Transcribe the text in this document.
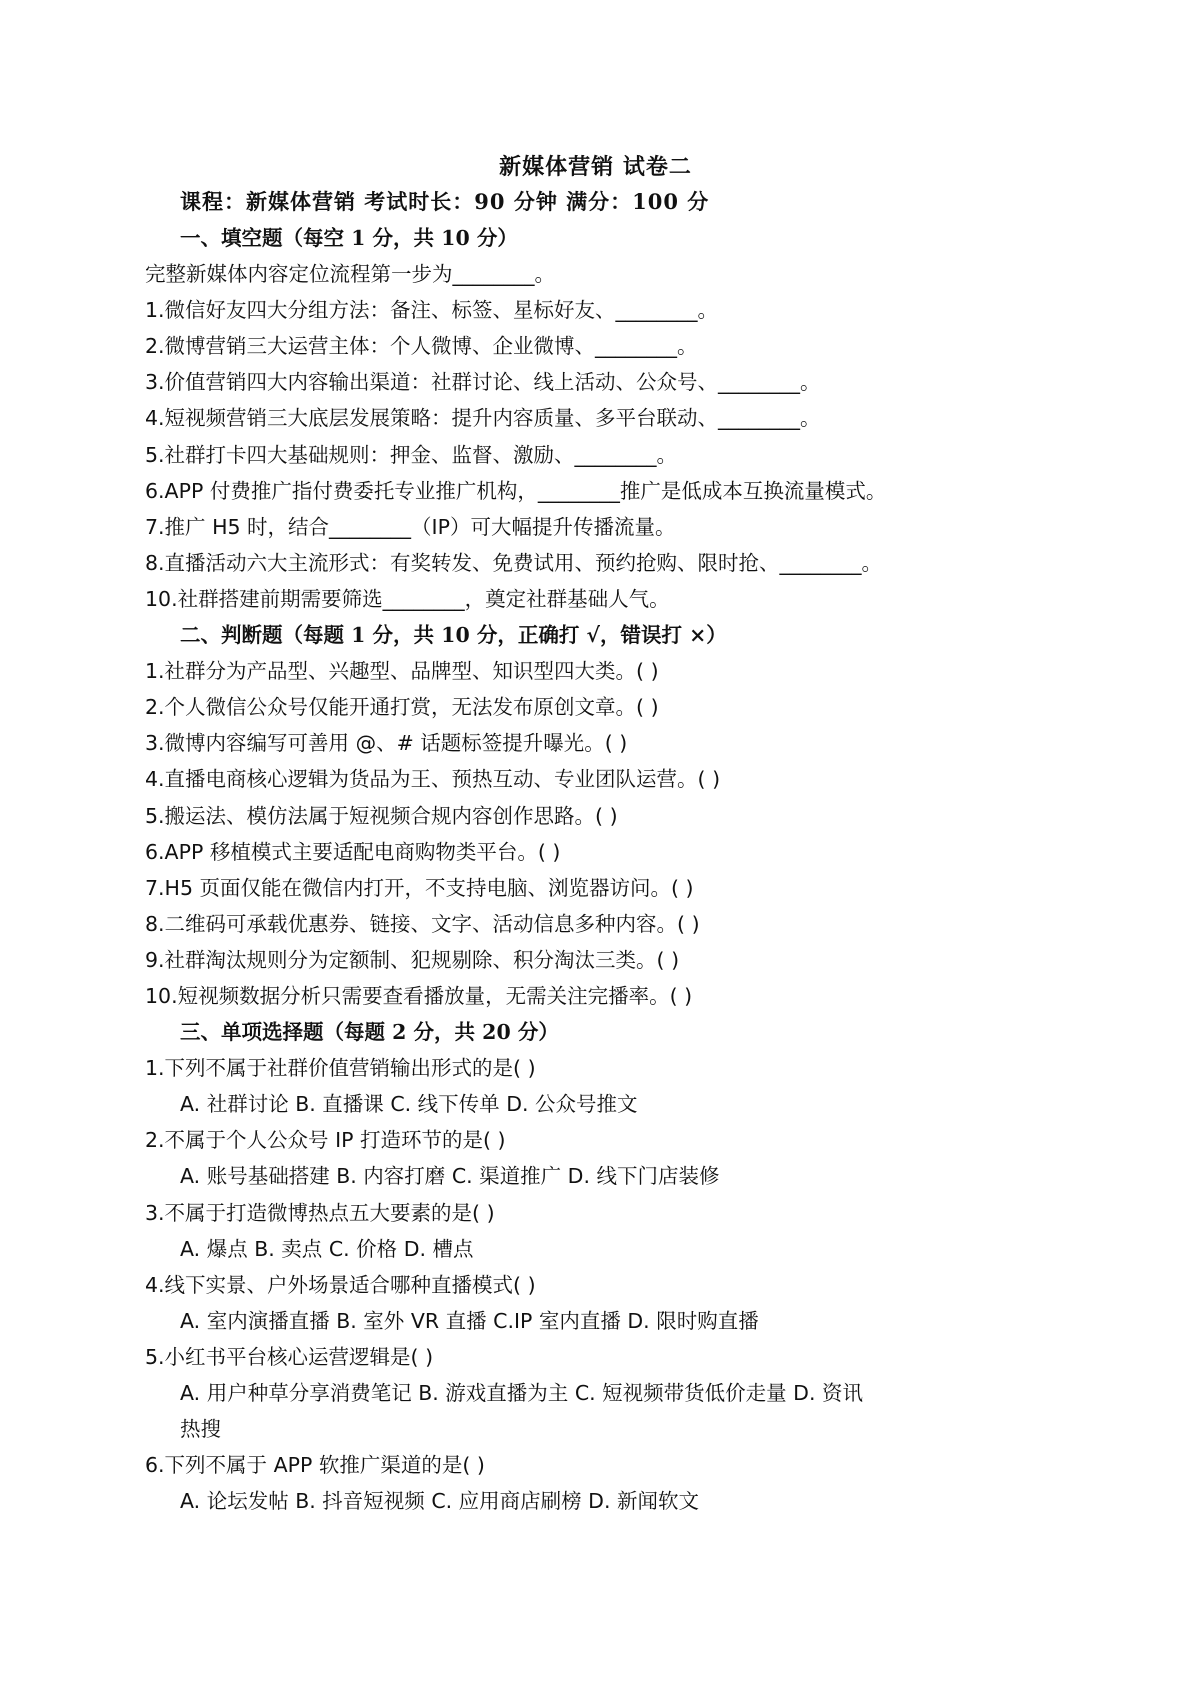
新媒体营销 试卷二
课程：新媒体营销 考试时长：90 分钟 满分：100 分
一、填空题（每空 1 分，共 10 分）
完整新媒体内容定位流程第一步为________。
1.微信好友四大分组方法：备注、标签、星标好友、________。
2.微博营销三大运营主体：个人微博、企业微博、________。
3.价值营销四大内容输出渠道：社群讨论、线上活动、公众号、________。
4.短视频营销三大底层发展策略：提升内容质量、多平台联动、________。
5.社群打卡四大基础规则：押金、监督、激励、________。
6.APP 付费推广指付费委托专业推广机构，________推广是低成本互换流量模式。
7.推广 H5 时，结合________（IP）可大幅提升传播流量。
8.直播活动六大主流形式：有奖转发、免费试用、预约抢购、限时抢、________。
10.社群搭建前期需要筛选________，奠定社群基础人气。
二、判断题（每题 1 分，共 10 分，正确打 √，错误打 ×）
1.社群分为产品型、兴趣型、品牌型、知识型四大类。( )
2.个人微信公众号仅能开通打赏，无法发布原创文章。( )
3.微博内容编写可善用 @、# 话题标签提升曝光。( )
4.直播电商核心逻辑为货品为王、预热互动、专业团队运营。( )
5.搬运法、模仿法属于短视频合规内容创作思路。( )
6.APP 移植模式主要适配电商购物类平台。( )
7.H5 页面仅能在微信内打开，不支持电脑、浏览器访问。( )
8.二维码可承载优惠券、链接、文字、活动信息多种内容。( )
9.社群淘汰规则分为定额制、犯规剔除、积分淘汰三类。( )
10.短视频数据分析只需要查看播放量，无需关注完播率。( )
三、单项选择题（每题 2 分，共 20 分）
1.下列不属于社群价值营销输出形式的是( )
A. 社群讨论 B. 直播课 C. 线下传单 D. 公众号推文
2.不属于个人公众号 IP 打造环节的是( )
A. 账号基础搭建 B. 内容打磨 C. 渠道推广 D. 线下门店装修
3.不属于打造微博热点五大要素的是( )
A. 爆点 B. 卖点 C. 价格 D. 槽点
4.线下实景、户外场景适合哪种直播模式( )
A. 室内演播直播 B. 室外 VR 直播 C.IP 室内直播 D. 限时购直播
5.小红书平台核心运营逻辑是( )
A. 用户种草分享消费笔记 B. 游戏直播为主 C. 短视频带货低价走量 D. 资讯
热搜
6.下列不属于 APP 软推广渠道的是( )
A. 论坛发帖 B. 抖音短视频 C. 应用商店刷榜 D. 新闻软文
